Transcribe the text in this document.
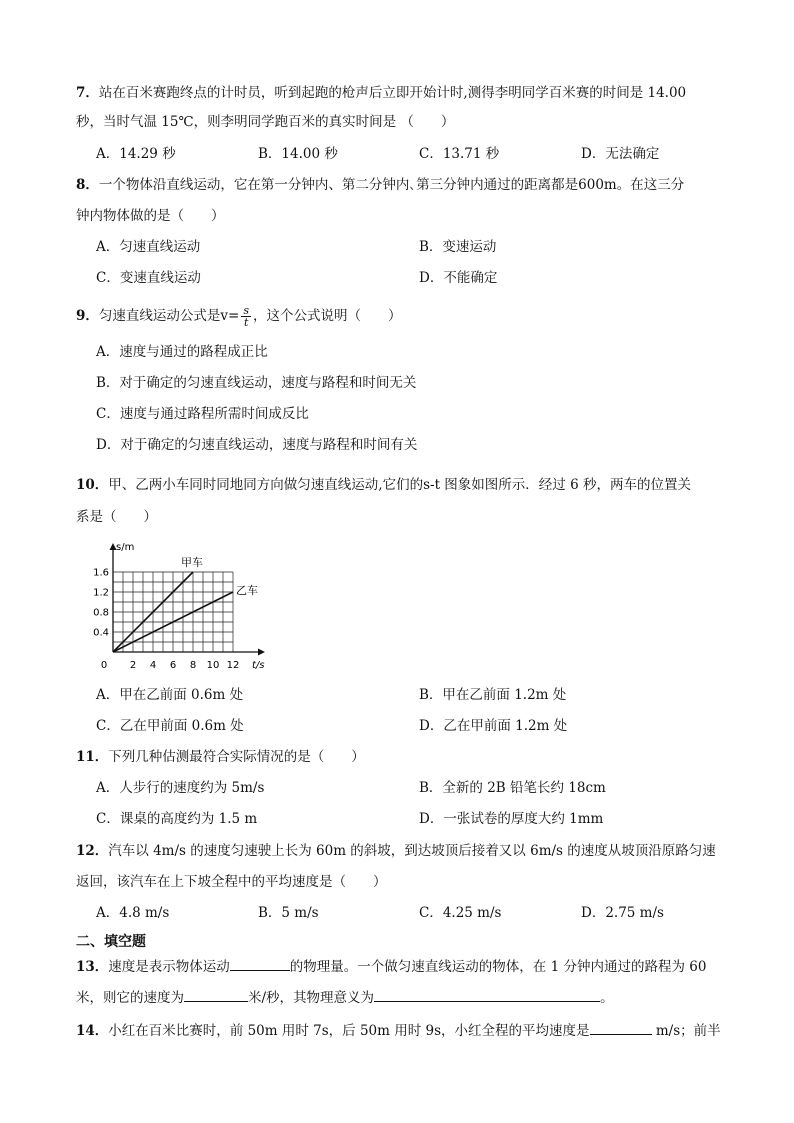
7．站在百米赛跑终点的计时员，听到起跑的枪声后立即开始计时,测得李明同学百米赛的时间是 14.00
秒，当时气温 15℃，则李明同学跑百米的真实时间是 （　　）
A．14.29 秒	B．14.00 秒	C．13.71 秒	D．无法确定
8．一个物体沿直线运动，它在第一分钟内、第二分钟内､第三分钟内通过的距离都是600m。在这三分
钟内物体做的是（　　）
A．匀速直线运动	B．变速运动
C．变速直线运动	D．不能确定
9．匀速直线运动公式是$v= \frac{s}{t}$ ，这个公式说明（　　）
A．速度与通过的路程成正比
B．对于确定的匀速直线运动，速度与路程和时间无关
C．速度与通过路程所需时间成反比
D．对于确定的匀速直线运动，速度与路程和时间有关
10．甲、乙两小车同时同地同方向做匀速直线运动,它们的s-t 图象如图所示．经过 6 秒，两车的位置关
系是（　　）
s/m
t/s
0 2 4 6 8 10 12
0.4
0.8
1.2
1.6
甲车
乙车
A．甲在乙前面 0.6m 处	B．甲在乙前面 1.2m 处
C．乙在甲前面 0.6m 处	D．乙在甲前面 1.2m 处
11．下列几种估测最符合实际情况的是（　　）
A．人步行的速度约为 5m/s	B．全新的 2B 铅笔长约 18cm
C．课桌的高度约为 1.5 m	D．一张试卷的厚度大约 1mm
12．汽车以 4m/s 的速度匀速驶上长为 60m 的斜坡，到达坡顶后接着又以 6m/s 的速度从坡顶沿原路匀速
返回，该汽车在上下坡全程中的平均速度是（　　）
A．4.8 m/s	B．5 m/s	C．4.25 m/s	D．2.75 m/s
二、填空题
13．速度是表示物体运动	的物理量。一个做匀速直线运动的物体，在 1 分钟内通过的路程为 60
米，则它的速度为	米/秒，其物理意义为	。
14．小红在百米比赛时，前 50m 用时 7s，后 50m 用时 9s，小红全程的平均速度是	m/s；前半
